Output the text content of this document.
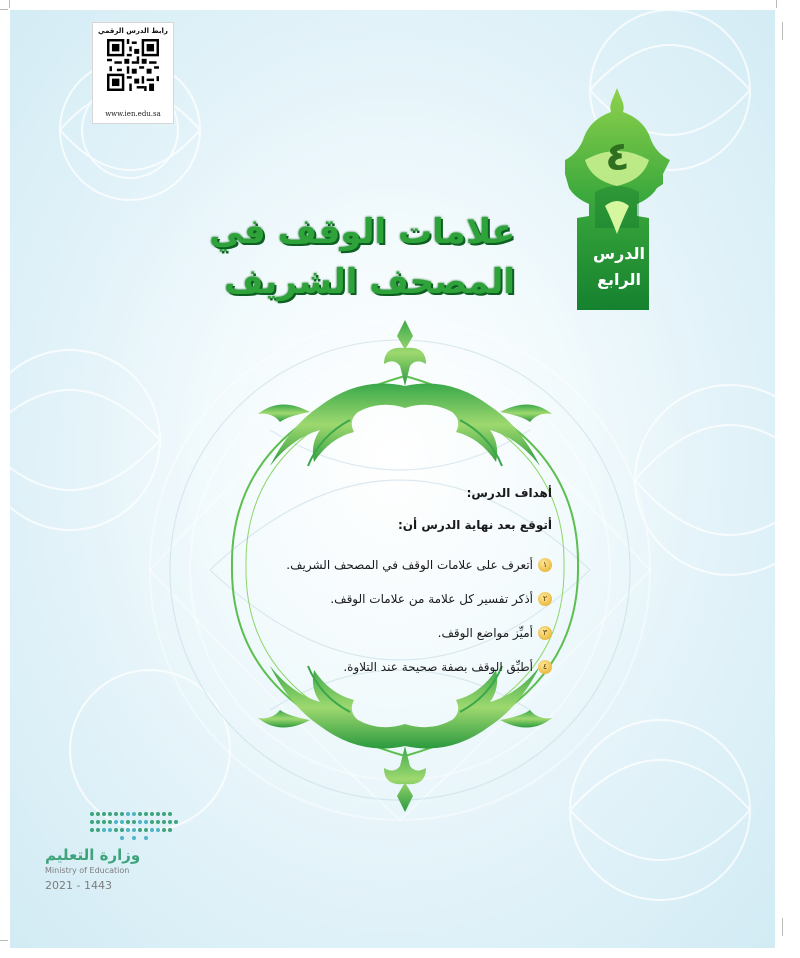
رابط الدرس الرقمي
www.ien.edu.sa
٤
الدرس
الرابع
علامات الوقف في
المصحف الشريف
أهداف الدرس:
أتوقع بعد نهاية الدرس أن:
١
أتعرف على علامات الوقف في المصحف الشريف.
٢
أذكر تفسير كل علامة من علامات الوقف.
٣
أميِّز مواضع الوقف.
٤
أطبِّق الوقف بصفة صحيحة عند التلاوة.
وزارة التعليم
Ministry of Education
2021 - 1443
